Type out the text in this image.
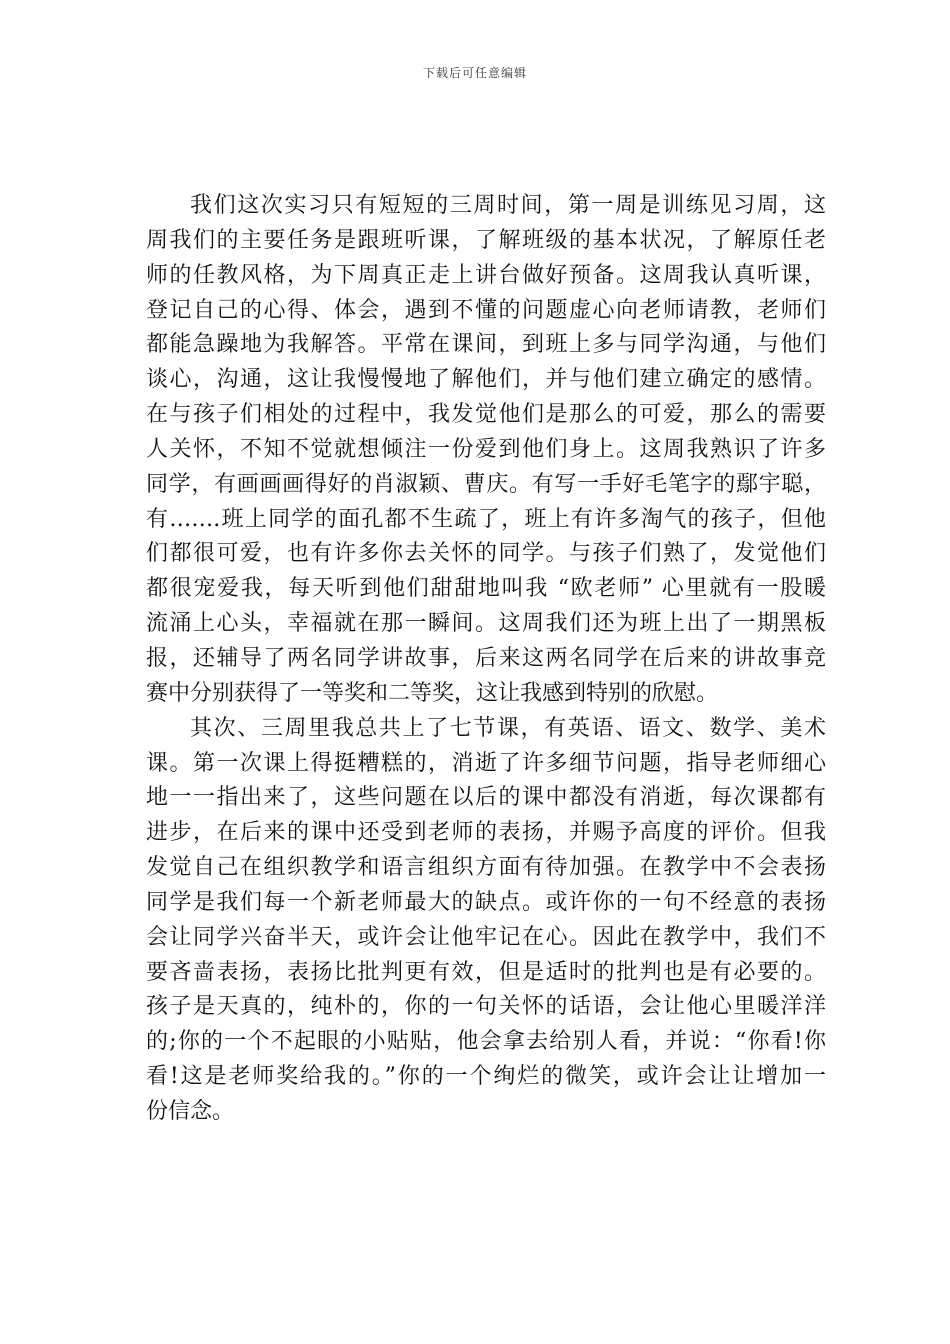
下载后可任意编辑
我们这次实习只有短短的三周时间，第一周是训练见习周，这
周我们的主要任务是跟班听课，了解班级的基本状况，了解原任老
师的任教风格，为下周真正走上讲台做好预备。这周我认真听课，
登记自己的心得、体会，遇到不懂的问题虚心向老师请教，老师们
都能急躁地为我解答。平常在课间，到班上多与同学沟通，与他们
谈心，沟通，这让我慢慢地了解他们，并与他们建立确定的感情。
在与孩子们相处的过程中，我发觉他们是那么的可爱，那么的需要
人关怀，不知不觉就想倾注一份爱到他们身上。这周我熟识了许多
同学，有画画画得好的肖淑颖、曹庆。有写一手好毛笔字的鄢宇聪，
有…….班上同学的面孔都不生疏了，班上有许多淘气的孩子，但他
们都很可爱，也有许多你去关怀的同学。与孩子们熟了，发觉他们
都很宠爱我，每天听到他们甜甜地叫我 “欧老师” 心里就有一股暖
流涌上心头，幸福就在那一瞬间。这周我们还为班上出了一期黑板
报，还辅导了两名同学讲故事，后来这两名同学在后来的讲故事竞
赛中分别获得了一等奖和二等奖，这让我感到特别的欣慰。
其次、三周里我总共上了七节课，有英语、语文、数学、美术
课。第一次课上得挺糟糕的，消逝了许多细节问题，指导老师细心
地一一指出来了，这些问题在以后的课中都没有消逝，每次课都有
进步，在后来的课中还受到老师的表扬，并赐予高度的评价。但我
发觉自己在组织教学和语言组织方面有待加强。在教学中不会表扬
同学是我们每一个新老师最大的缺点。或许你的一句不经意的表扬
会让同学兴奋半天，或许会让他牢记在心。因此在教学中，我们不
要吝啬表扬，表扬比批判更有效，但是适时的批判也是有必要的。
孩子是天真的，纯朴的，你的一句关怀的话语，会让他心里暖洋洋
的;你的一个不起眼的小贴贴，他会拿去给别人看，并说：“你看!你
看!这是老师奖给我的。”你的一个绚烂的微笑，或许会让让增加一
份信念。
